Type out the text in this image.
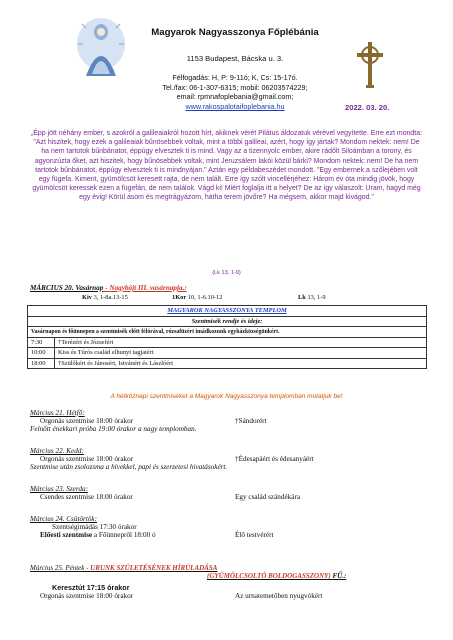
Magyarok Nagyasszonya Főplébánia
1153 Budapest, Bácska u. 3.
Félfogadás: H, P: 9-11ó; K, Cs: 15-17ó.
Tel./fax: 06-1-307-6315; mobil: 06203574229;
email: rpmnafoplebania@gmail.com;
www.rakospalotaifoplebania.hu	2022. 03. 20.
„Épp jött néhány ember, s azokról a galileaiakról hozott hírt, akiknek vérét Pilátus áldozatuk vérével vegyítette. Erre ezt mondta: "Azt hiszitek, hogy ezek a galileaiak bűnösebbek voltak, mint a többi galileai, azért, hogy így jártak? Mondom nektek: nem! De ha nem tartotok bűnbánatot, éppúgy elvesztek ti is mind. Vagy az a tizennyolc ember, akire rádőlt Siloámban a torony, és agyonzúzta őket, azt hiszitek, hogy bűnösebbek voltak, mint Jeruzsálem lakói közül bárki? Mondom nektek: nem! De ha nem tartotok bűnbánatot, éppúgy elvesztek ti is mindnyájan." Aztán egy példabeszédet mondott. "Egy embernek a szőlejében volt egy fügefa. Kiment, gyümölcsöt keresett rajta, de nem talált. Erre így szólt vincellérjéhez: Három év óta mindig jövök, hogy gyümölcsöt keressek ezen a fügefán, de nem találok. Vágd ki! Miért foglalja itt a helyet? De az így válaszolt: Uram, hagyd még egy évig! Körül ásom és megtrágyázom, hátha terem jövőre? Ha mégsem, akkor majd kivágod."
(Lk 13, 1-9)
MÁRCIUS 20. Vasárnap - Nagyböjt III. vasárnapja.:
Kiv 3, 1-8a.13-15	1Kor 10, 1-6.10-12	Lk 13, 1-9
MAGYAROK NAGYASSZONYA TEMPLOM	
Szentmisék rendje és ideje:	
Vasárnapon és főünnepen a szentmisék előtt félórával, rózsafüzért imádkozunk egyházközségünkért.	
7:30	†Terézért és Józsefért
10:00	Kiss és Túrós család elhunyt tagjaiért
18:00	†Szülőkért és Jánosért, Istvánért és Lászlóért
A hétköznapi szentmiséket a Magyarok Nagyasszonya templomban mutatjuk be!
Március 21. Hétfő:
Orgonás szentmise 18:00 órakor	†Sándorért
Felnőtt énekkari próba 19:00 órakor a nagy templomban.
Március 22. Kedd:
Orgonás szentmise 18:00 órakor	†Édesapáért és édesanyáért
Szentmise után zsolozsma a hívekkel, papi és szerzetesi hivatásokért.
Március 23. Szerda:
Csendes szentmise 18:00 órakor	Egy család szándékára
Március 24. Csütörtök:
Szentségimádás 17:30 órakor
Előesti szentmise a Főünnepről 18:00 ó	Élő testvérért
Március 25. Péntek - URUNK SZÜLETÉSÉNEK HÍRÜLADÁSA
(GYÜMÖLCSOLTÓ BOLDOGASSZONY) FŰ.:
Keresztút 17:15 órakor
Orgonás szentmise 18:00 órakor	Az urnatemetőben nyugvókért
